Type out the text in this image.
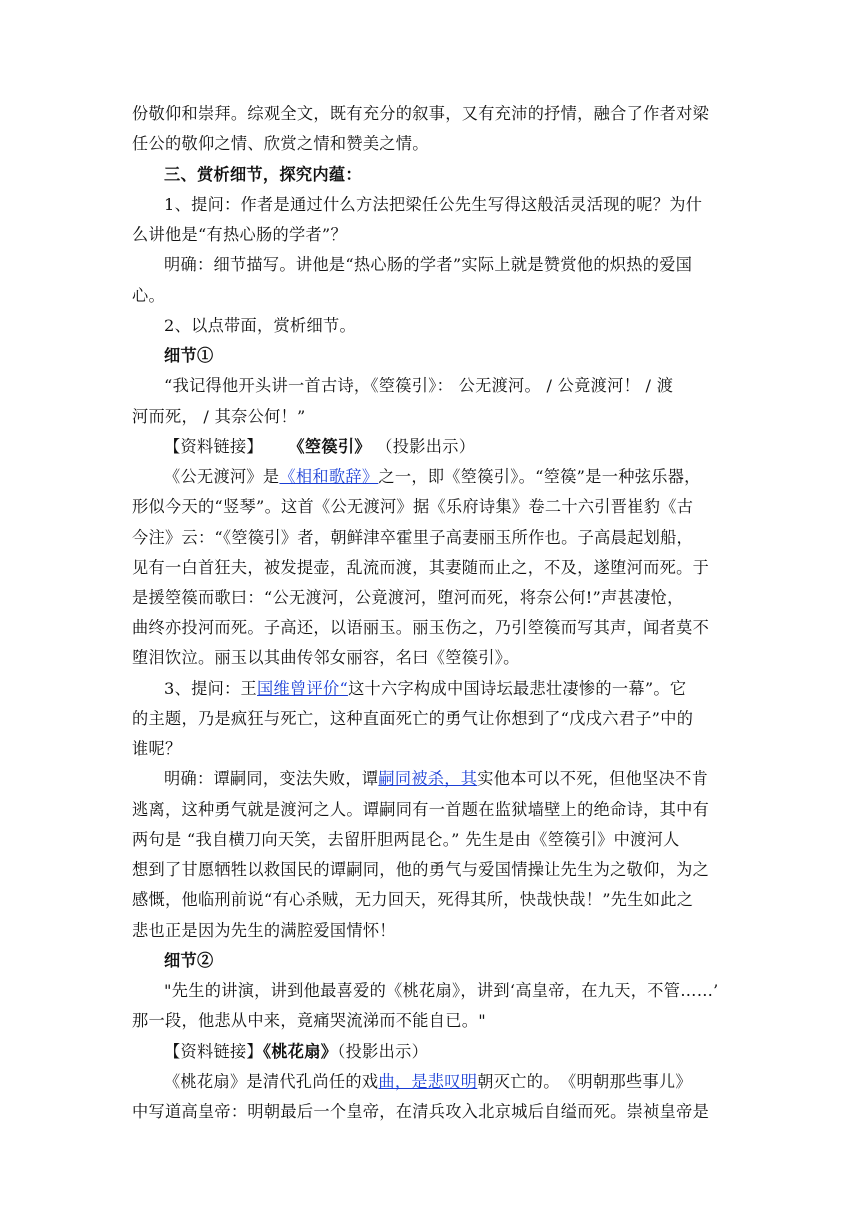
份敬仰和崇拜。综观全文，既有充分的叙事，又有充沛的抒情，融合了作者对梁
任公的敬仰之情、欣赏之情和赞美之情。
三、赏析细节，探究内蕴：
1、提问：作者是通过什么方法把梁任公先生写得这般活灵活现的呢？为什
么讲他是“有热心肠的学者”？
明确：细节描写。讲他是“热心肠的学者”实际上就是赞赏他的炽热的爱国
心。
2、以点带面，赏析细节。
细节①
“我记得他开头讲一首古诗，《箜篌引》： 公无渡河。 / 公竟渡河！ / 渡
河而死， / 其奈公何！”
【资料链接】 《箜篌引》 （投影出示）
《公无渡河》是《相和歌辞》之一，即《箜篌引》。“箜篌”是一种弦乐器，
形似今天的“竖琴”。这首《公无渡河》据《乐府诗集》卷二十六引晋崔豹《古
今注》云：“《箜篌引》者，朝鲜津卒霍里子高妻丽玉所作也。子高晨起划船，
见有一白首狂夫，被发提壶，乱流而渡，其妻随而止之，不及，遂堕河而死。于
是援箜篌而歌曰：“公无渡河，公竟渡河，堕河而死，将奈公何!”声甚凄怆，
曲终亦投河而死。子高还，以语丽玉。丽玉伤之，乃引箜篌而写其声，闻者莫不
堕泪饮泣。丽玉以其曲传邻女丽容，名曰《箜篌引》。
3、提问：王国维曾评价“这十六字构成中国诗坛最悲壮凄惨的一幕”。它
的主题，乃是疯狂与死亡，这种直面死亡的勇气让你想到了“戊戌六君子”中的
谁呢？
明确：谭嗣同，变法失败，谭嗣同被杀，其实他本可以不死，但他坚决不肯
逃离，这种勇气就是渡河之人。谭嗣同有一首题在监狱墙壁上的绝命诗，其中有
两句是 “我自横刀向天笑，去留肝胆两昆仑。” 先生是由《箜篌引》中渡河人
想到了甘愿牺牲以救国民的谭嗣同，他的勇气与爱国情操让先生为之敬仰，为之
感慨，他临刑前说“有心杀贼，无力回天，死得其所，快哉快哉！”先生如此之
悲也正是因为先生的满腔爱国情怀！
细节②
"先生的讲演，讲到他最喜爱的《桃花扇》，讲到‘高皇帝，在九天，不管……’
那一段，他悲从中来，竟痛哭流涕而不能自已。"
【资料链接】《桃花扇》（投影出示）
《桃花扇》是清代孔尚任的戏曲，是悲叹明朝灭亡的。　《明朝那些事儿》
中写道高皇帝：明朝最后一个皇帝，在清兵攻入北京城后自缢而死。崇祯皇帝是
